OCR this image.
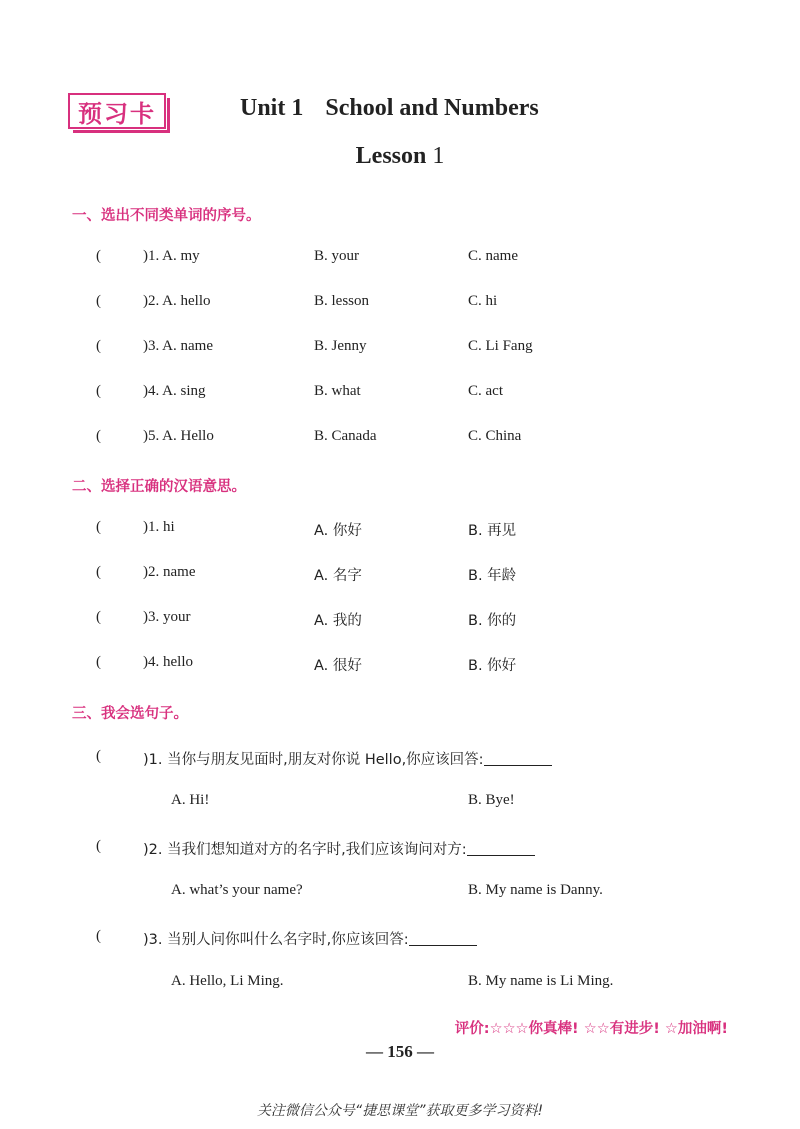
预习卡	Unit 1 School and Numbers
Lesson 1
一、选出不同类单词的序号。
(	)1. A. my	B. your	C. name
(	)2. A. hello	B. lesson	C. hi
(	)3. A. name	B. Jenny	C. Li Fang
(	)4. A. sing	B. what	C. act
(	)5. A. Hello	B. Canada	C. China
二、选择正确的汉语意思。
(	)1. hi	A. 你好	B. 再见
(	)2. name	A. 名字	B. 年龄
(	)3. your	A. 我的	B. 你的
(	)4. hello	A. 很好	B. 你好
三、我会选句子。
(	)1. 当你与朋友见面时,朋友对你说 Hello,你应该回答:
A. Hi!	B. Bye!
(	)2. 当我们想知道对方的名字时,我们应该询问对方:
A. what’s your name?	B. My name is Danny.
(	)3. 当别人问你叫什么名字时,你应该回答:
A. Hello, Li Ming.	B. My name is Li Ming.
评价:☆☆☆你真棒! ☆☆有进步! ☆加油啊!
— 156 —
关注微信公众号“捷思课堂”获取更多学习资料!
